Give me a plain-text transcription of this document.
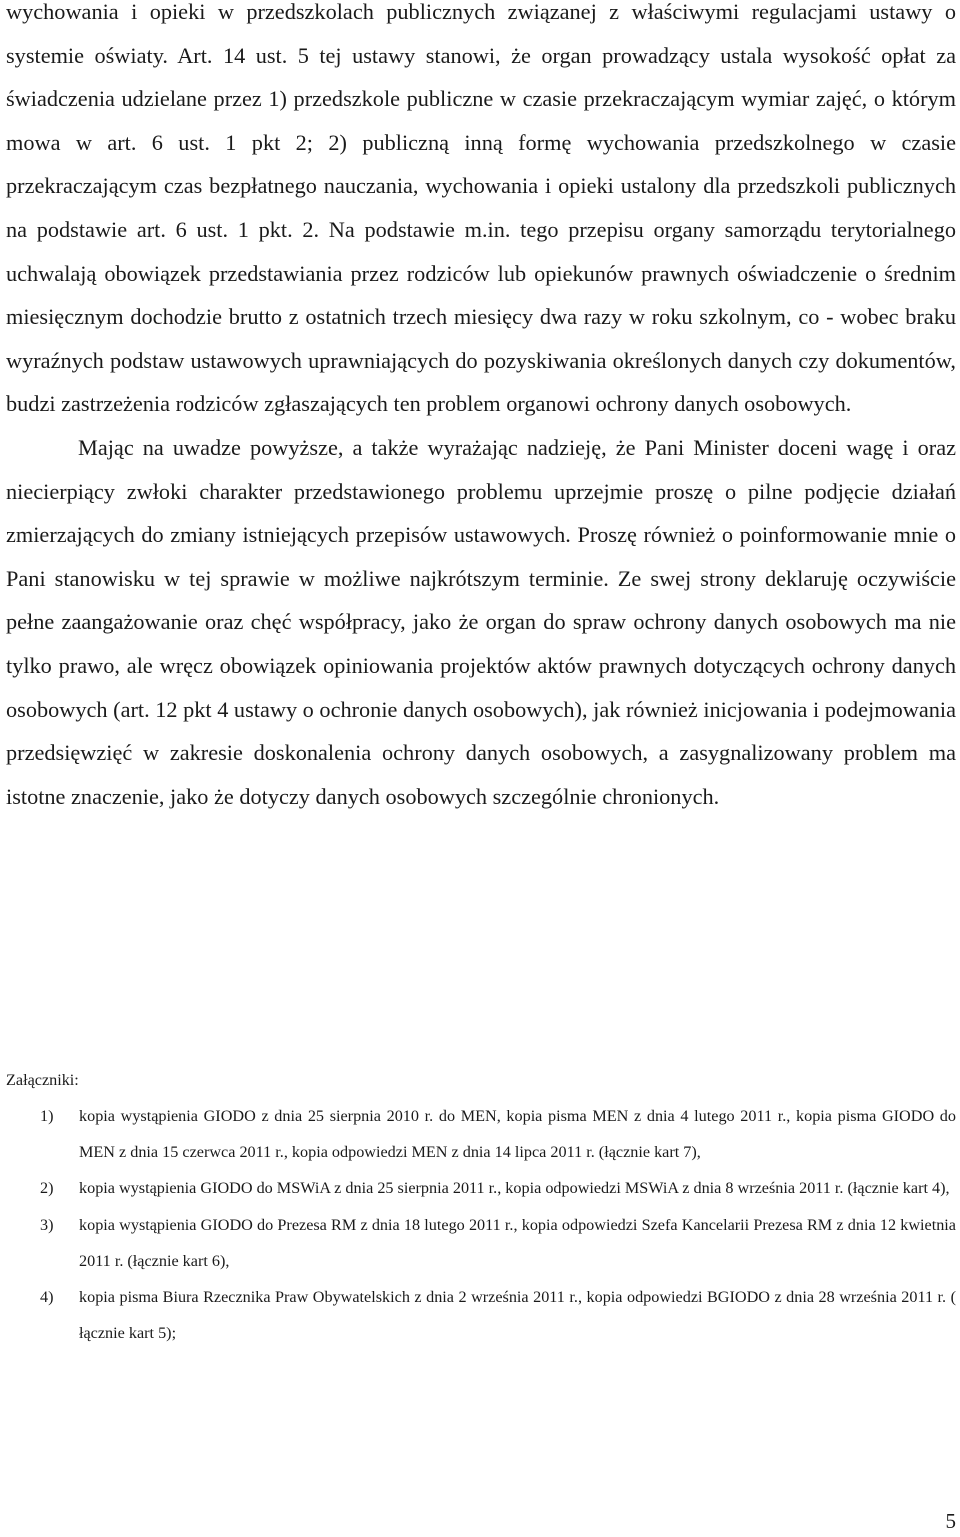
wychowania i opieki w przedszkolach publicznych związanej z właściwymi regulacjami ustawy o systemie oświaty. Art. 14 ust. 5 tej ustawy stanowi, że organ prowadzący ustala wysokość opłat za świadczenia udzielane przez 1) przedszkole publiczne w czasie przekraczającym wymiar zajęć, o którym mowa w art. 6 ust. 1 pkt 2; 2) publiczną inną formę wychowania przedszkolnego w czasie przekraczającym czas bezpłatnego nauczania, wychowania i opieki ustalony dla przedszkoli publicznych na podstawie art. 6 ust. 1 pkt. 2. Na podstawie m.in. tego przepisu organy samorządu terytorialnego uchwalają obowiązek przedstawiania przez rodziców lub opiekunów prawnych oświadczenie o średnim miesięcznym dochodzie brutto z ostatnich trzech miesięcy dwa razy w roku szkolnym, co - wobec braku wyraźnych podstaw ustawowych uprawniających do pozyskiwania określonych danych czy dokumentów, budzi zastrzeżenia rodziców zgłaszających ten problem organowi ochrony danych osobowych.

Mając na uwadze powyższe, a także wyrażając nadzieję, że Pani Minister doceni wagę i oraz niecierpiący zwłoki charakter przedstawionego problemu uprzejmie proszę o pilne podjęcie działań zmierzających do zmiany istniejących przepisów ustawowych. Proszę również o poinformowanie mnie o Pani stanowisku w tej sprawie w możliwe najkrótszym terminie. Ze swej strony deklaruję oczywiście pełne zaangażowanie oraz chęć współpracy, jako że organ do spraw ochrony danych osobowych ma nie tylko prawo, ale wręcz obowiązek opiniowania projektów aktów prawnych dotyczących ochrony danych osobowych (art. 12 pkt 4 ustawy o ochronie danych osobowych), jak również inicjowania i podejmowania przedsięwzięć w zakresie doskonalenia ochrony danych osobowych, a zasygnalizowany problem ma istotne znaczenie, jako że dotyczy danych osobowych szczególnie chronionych.

Załączniki:

1) kopia wystąpienia GIODO z dnia 25 sierpnia 2010 r. do MEN, kopia pisma MEN z dnia 4 lutego 2011 r., kopia pisma GIODO do MEN z dnia 15 czerwca 2011 r., kopia odpowiedzi MEN z dnia 14 lipca 2011 r. (łącznie kart 7),
2) kopia wystąpienia GIODO do MSWiA z dnia 25 sierpnia 2011 r., kopia odpowiedzi MSWiA z dnia 8 września 2011 r. (łącznie kart 4),
3) kopia wystąpienia GIODO do Prezesa RM z dnia 18 lutego 2011 r., kopia odpowiedzi Szefa Kancelarii Prezesa RM z dnia 12 kwietnia 2011 r. (łącznie kart 6),
4) kopia pisma Biura Rzecznika Praw Obywatelskich z dnia 2 września 2011 r., kopia odpowiedzi BGIODO z dnia 28 września 2011 r. ( łącznie kart 5);

5
